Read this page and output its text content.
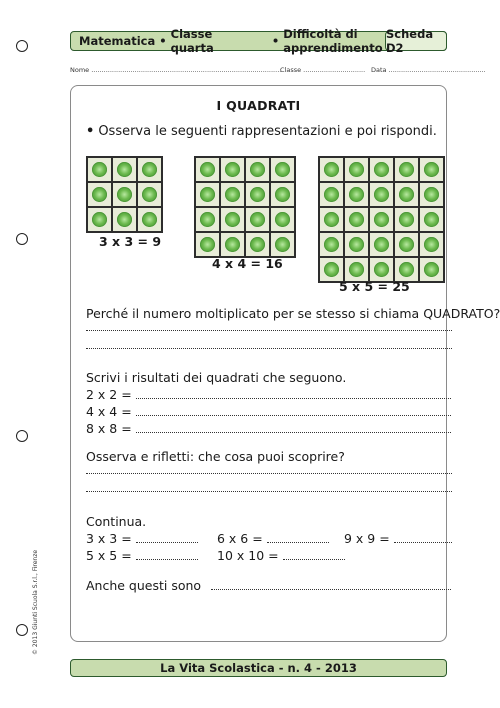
Matematica • Classe quarta	• Difficoltà di apprendimento
Scheda D2
Nome ............................................................................................
Classe .............................. Data ...............................................
I QUADRATI
• Osserva le seguenti rappresentazioni e poi rispondi.
3 x 3 = 9
4 x 4 = 16
5 x 5 = 25
Perché il numero moltiplicato per se stesso si chiama QUADRATO?
Scrivi i risultati dei quadrati che seguono.
2 x 2 =
4 x 4 =
8 x 8 =
Osserva e rifletti: che cosa puoi scoprire?
Continua.
3 x 3 =	6 x 6 =	9 x 9 =
5 x 5 =	10 x 10 =
Anche questi sono
© 2013 Giunti Scuola S.r.l., Firenze
La Vita Scolastica - n. 4 - 2013
